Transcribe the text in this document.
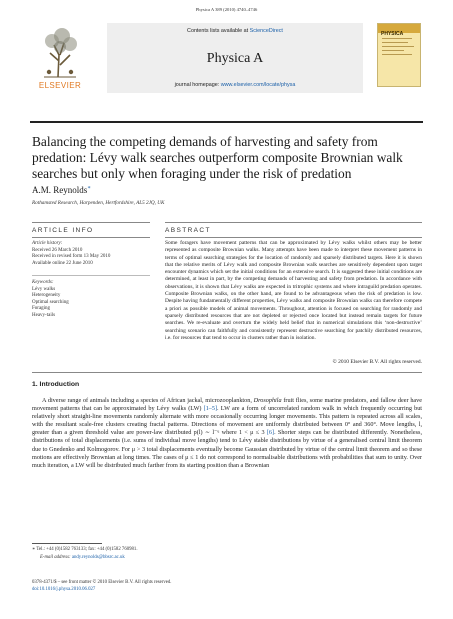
Physica A 389 (2010) 4740–4746
ELSEVIER
Contents lists available at ScienceDirect
Physica A
journal homepage: www.elsevier.com/locate/physa
PHYSICA
Balancing the competing demands of harvesting and safety from predation: Lévy walk searches outperform composite Brownian walk searches but only when foraging under the risk of predation
A.M. Reynolds∗
Rothamsted Research, Harpenden, Hertfordshire, AL5 2JQ, UK
ARTICLE INFO	ABSTRACT
Article history:
Received 26 March 2010
Received in revised form 13 May 2010
Available online 22 June 2010
Keywords:
Lévy walks
Heterogeneity
Optimal searching
Foraging
Heavy-tails
Some foragers have movement patterns that can be approximated by Lévy walks whilst others may be better represented as composite Brownian walks. Many attempts have been made to interpret these movement patterns in terms of optimal searching strategies for the location of randomly and sparsely distributed targets. Here it is shown that the relative merits of Lévy walk and composite Brownian walk searches are sensitively dependent upon target encounter dynamics which set the initial conditions for an extensive search. It is suggested these initial conditions are determined, at least in part, by the competing demands of harvesting and safety from predation. In accordance with observations, it is shown that Lévy walks are expected in tritrophic systems and where intraguild predation operates. Composite Brownian walks, on the other hand, are found to be advantageous when the risk of predation is low. Despite having fundamentally different properties, Lévy walks and composite Brownian walks can therefore compete a priori as possible models of animal movements. Throughout, attention is focused on searching for randomly and sparsely distributed resources that are not depleted or rejected once located but instead remain targets for future searches. We re-evaluate and overturn the widely held belief that in numerical simulations this ‘non-destructive’ searching scenario can faithfully and consistently represent destructive searching for patchily distributed resources, i.e. for resources that tend to occur in clusters rather than in isolation.
© 2010 Elsevier B.V. All rights reserved.
1. Introduction
A diverse range of animals including a species of African jackal, microzooplankton, Drosophila fruit flies, some marine predators, and fallow deer have movement patterns that can be approximated by Lévy walks (LW) [1–5]. LW are a form of uncorrelated random walk in which frequently occurring but relatively short straight-line movements randomly alternate with more occasionally occurring longer movements. This pattern is repeated across all scales, with the resultant scale-free clusters creating fractal patterns. Directions of movement are uniformly distributed between 0° and 360°. Move lengths, l, greater than a given threshold value are power-law distributed p(l) ∼ l⁻ᵘ where 1 < μ ≤ 3 [6]. Shorter steps can be distributed differently. Nonetheless, distributions of total displacements (i.e. sums of individual move lengths) tend to Lévy stable distributions by virtue of a generalised central limit theorem due to Gnedenko and Kolmogorov. For μ > 3 total displacements eventually become Gaussian distributed by virtue of the central limit theorem and so these motions are effectively Brownian at long times. The cases of μ ≤ 1 do not correspond to normalisable distributions with probabilities that sum to unity. Over much iteration, a LW will be distributed much farther from its starting position than a Brownian
∗ Tel.: +44 (0)1582 763133; fax: +44 (0)1582 760981.
E-mail address: andy.reynolds@bbsrc.ac.uk
0378-4371/$ – see front matter © 2010 Elsevier B.V. All rights reserved.
doi:10.1016/j.physa.2010.06.027
